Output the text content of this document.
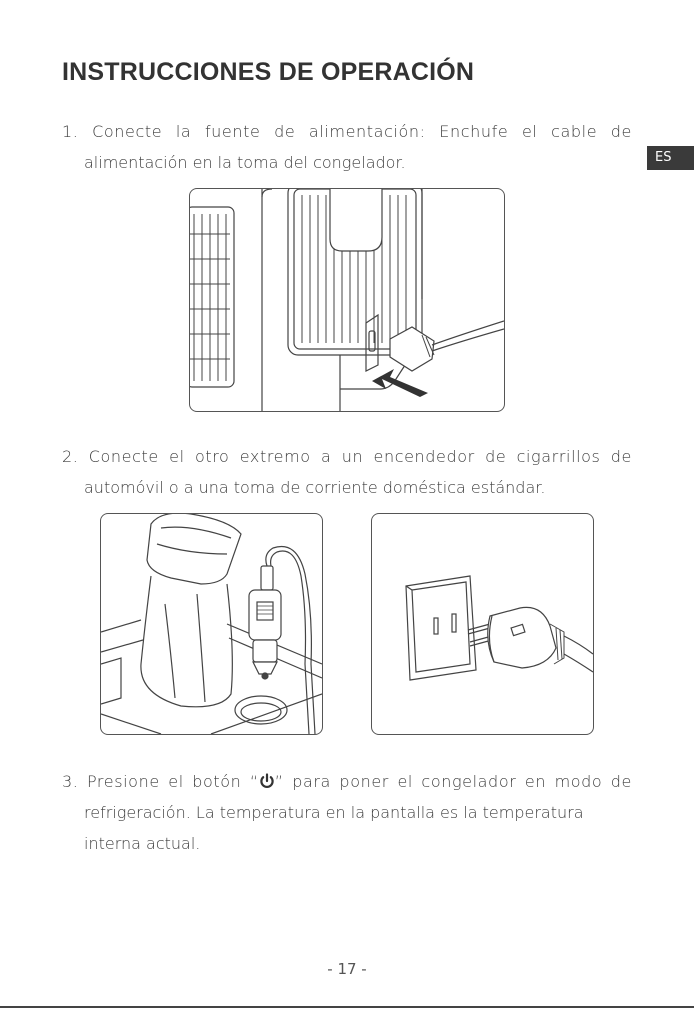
INSTRUCCIONES DE OPERACIÓN
ES
1. Conecte la fuente de alimentación: Enchufe el cable de
alimentación en la toma del congelador.
2. Conecte el otro extremo a un encendedor de cigarrillos de
automóvil o a una toma de corriente doméstica estándar.
3. Presione el botón “ ” para poner el congelador en modo de
refrigeración. La temperatura en la pantalla es la temperatura
interna actual.
- 17 -
